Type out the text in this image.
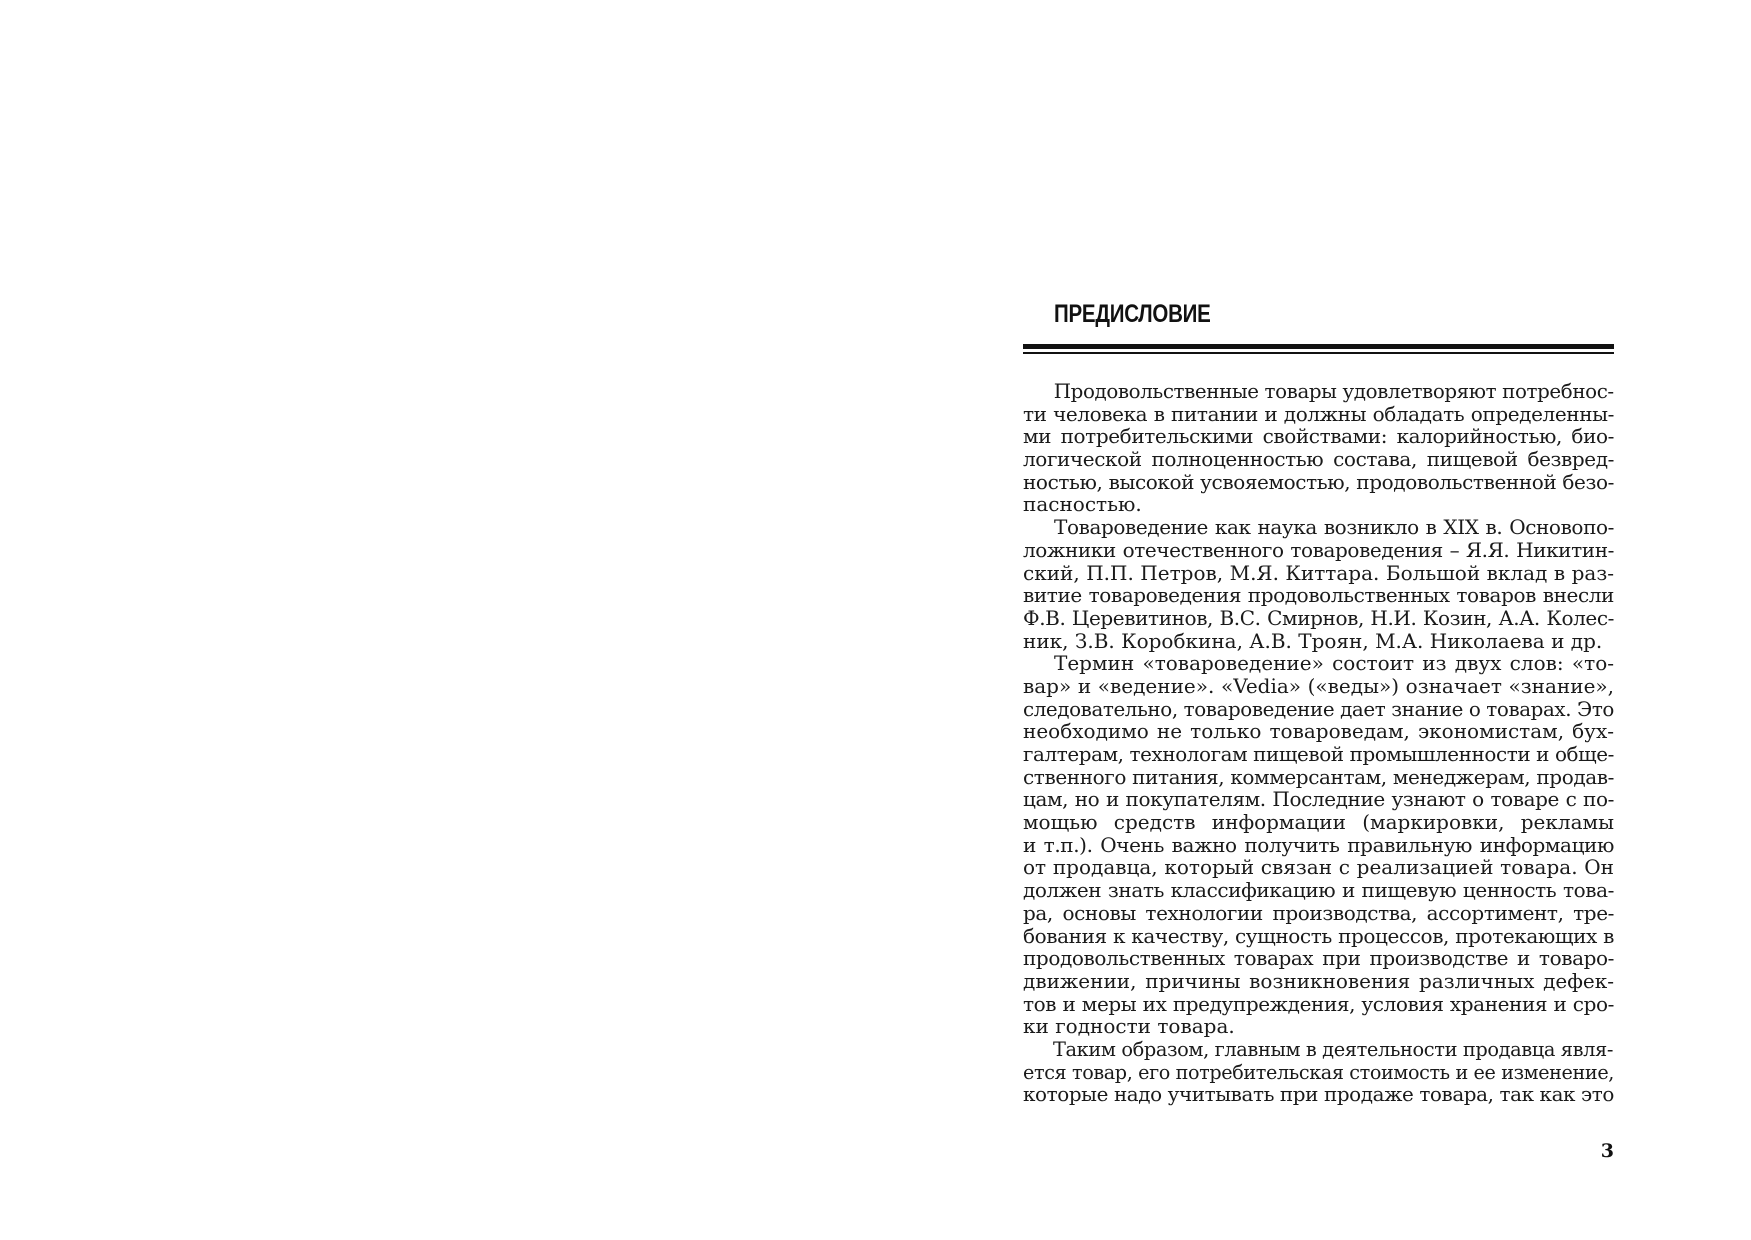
ПРЕДИСЛОВИЕ
Продовольственные товары удовлетворяют потребнос-
ти человека в питании и должны обладать определенны-
ми потребительскими свойствами: калорийностью, био-
логической полноценностью состава, пищевой безвред-
ностью, высокой усвояемостью, продовольственной безо-
пасностью.
Товароведение как наука возникло в XIX в. Основопо-
ложники отечественного товароведения – Я.Я. Никитин-
ский, П.П. Петров, М.Я. Киттара. Большой вклад в раз-
витие товароведения продовольственных товаров внесли
Ф.В. Церевитинов, В.С. Смирнов, Н.И. Козин, А.А. Колес-
ник, З.В. Коробкина, А.В. Троян, М.А. Николаева и др.
Термин «товароведение» состоит из двух слов: «то-
вар» и «ведение». «Vedia» («веды») означает «знание»,
следовательно, товароведение дает знание о товарах. Это
необходимо не только товароведам, экономистам, бух-
галтерам, технологам пищевой промышленности и обще-
ственного питания, коммерсантам, менеджерам, продав-
цам, но и покупателям. Последние узнают о товаре с по-
мощью средств информации (маркировки, рекламы
и т.п.). Очень важно получить правильную информацию
от продавца, который связан с реализацией товара. Он
должен знать классификацию и пищевую ценность това-
ра, основы технологии производства, ассортимент, тре-
бования к качеству, сущность процессов, протекающих в
продовольственных товарах при производстве и товаро-
движении, причины возникновения различных дефек-
тов и меры их предупреждения, условия хранения и сро-
ки годности товара.
Таким образом, главным в деятельности продавца явля-
ется товар, его потребительская стоимость и ее изменение,
которые надо учитывать при продаже товара, так как это
3
